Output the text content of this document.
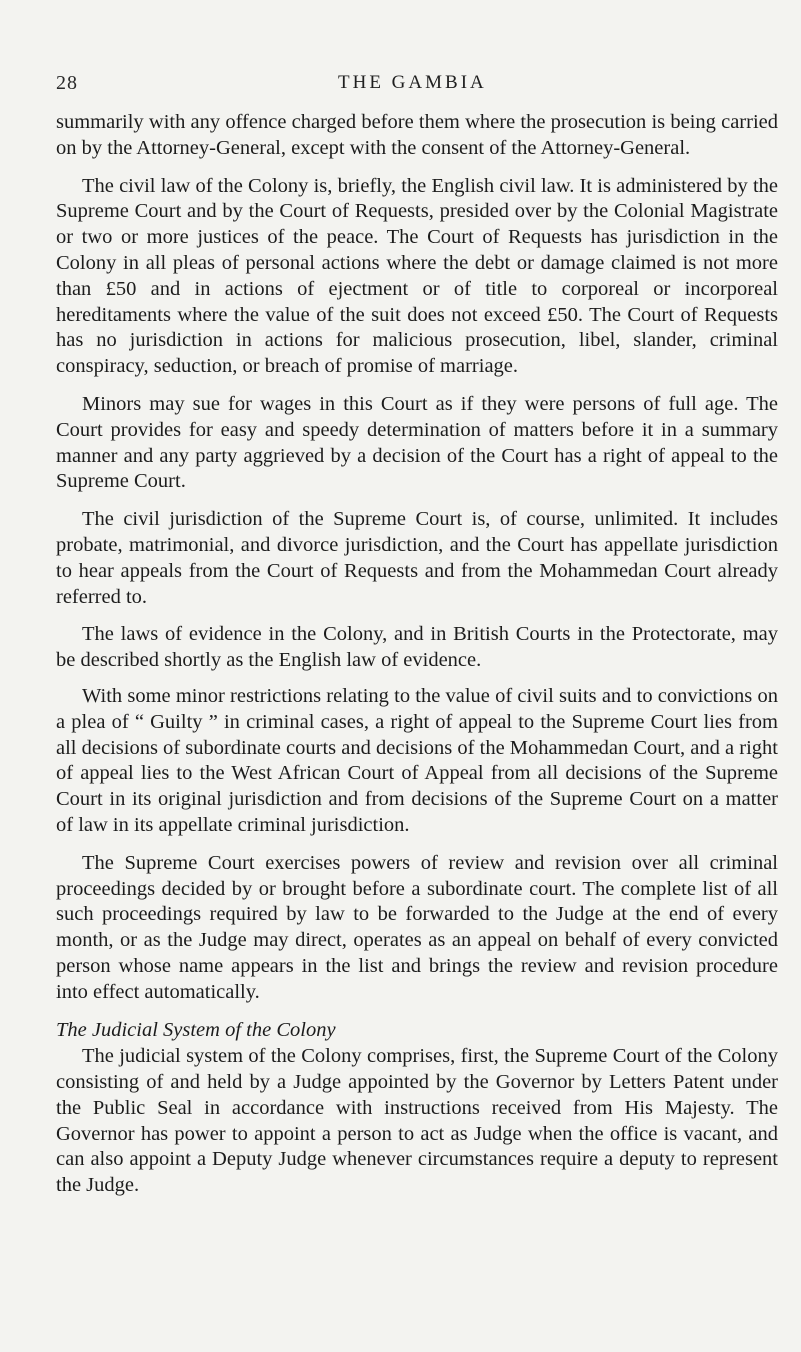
28	THE GAMBIA

summarily with any offence charged before them where the prosecution is being carried on by the Attorney-General, except with the consent of the Attorney-General.

The civil law of the Colony is, briefly, the English civil law. It is administered by the Supreme Court and by the Court of Requests, presided over by the Colonial Magistrate or two or more justices of the peace. The Court of Requests has jurisdiction in the Colony in all pleas of personal actions where the debt or damage claimed is not more than £50 and in actions of ejectment or of title to corporeal or incorporeal hereditaments where the value of the suit does not exceed £50. The Court of Requests has no jurisdiction in actions for malicious prosecution, libel, slander, criminal conspiracy, seduction, or breach of promise of marriage.

Minors may sue for wages in this Court as if they were persons of full age. The Court provides for easy and speedy determination of matters before it in a summary manner and any party aggrieved by a decision of the Court has a right of appeal to the Supreme Court.

The civil jurisdiction of the Supreme Court is, of course, unlimited. It includes probate, matrimonial, and divorce jurisdiction, and the Court has appellate jurisdiction to hear appeals from the Court of Requests and from the Mohammedan Court already referred to.

The laws of evidence in the Colony, and in British Courts in the Protectorate, may be described shortly as the English law of evidence.

With some minor restrictions relating to the value of civil suits and to convictions on a plea of “ Guilty ” in criminal cases, a right of appeal to the Supreme Court lies from all decisions of subordinate courts and decisions of the Mohammedan Court, and a right of appeal lies to the West African Court of Appeal from all decisions of the Supreme Court in its original jurisdiction and from decisions of the Supreme Court on a matter of law in its appellate criminal jurisdiction.

The Supreme Court exercises powers of review and revision over all criminal proceedings decided by or brought before a subordinate court. The complete list of all such proceedings required by law to be forwarded to the Judge at the end of every month, or as the Judge may direct, operates as an appeal on behalf of every convicted person whose name appears in the list and brings the review and revision procedure into effect automatically.

The Judicial System of the Colony

The judicial system of the Colony comprises, first, the Supreme Court of the Colony consisting of and held by a Judge appointed by the Governor by Letters Patent under the Public Seal in accordance with instructions received from His Majesty. The Governor has power to appoint a person to act as Judge when the office is vacant, and can also appoint a Deputy Judge whenever circumstances require a deputy to represent the Judge.
